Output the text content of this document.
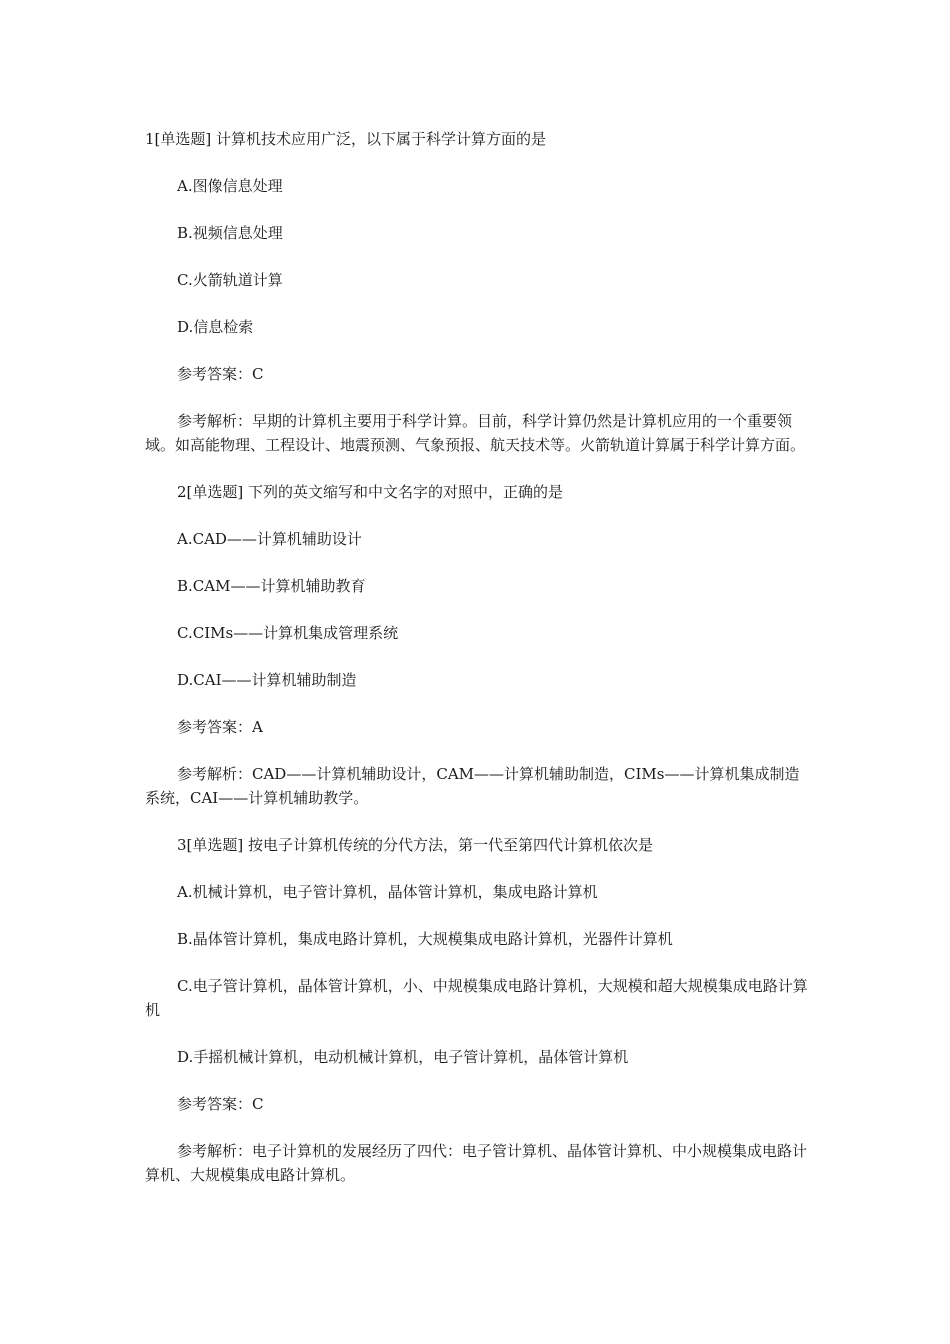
1[单选题] 计算机技术应用广泛，以下属于科学计算方面的是

A.图像信息处理

B.视频信息处理

C.火箭轨道计算

D.信息检索

参考答案：C

参考解析：早期的计算机主要用于科学计算。目前，科学计算仍然是计算机应用的一个重要领域。如高能物理、工程设计、地震预测、气象预报、航天技术等。火箭轨道计算属于科学计算方面。

2[单选题] 下列的英文缩写和中文名字的对照中，正确的是

A.CAD——计算机辅助设计

B.CAM——计算机辅助教育

C.CIMs——计算机集成管理系统

D.CAI——计算机辅助制造

参考答案：A

参考解析：CAD——计算机辅助设计，CAM——计算机辅助制造，CIMs——计算机集成制造系统，CAI——计算机辅助教学。

3[单选题] 按电子计算机传统的分代方法，第一代至第四代计算机依次是

A.机械计算机，电子管计算机，晶体管计算机，集成电路计算机

B.晶体管计算机，集成电路计算机，大规模集成电路计算机，光器件计算机

C.电子管计算机，晶体管计算机，小、中规模集成电路计算机，大规模和超大规模集成电路计算机

D.手摇机械计算机，电动机械计算机，电子管计算机，晶体管计算机

参考答案：C

参考解析：电子计算机的发展经历了四代：电子管计算机、晶体管计算机、中小规模集成电路计算机、大规模集成电路计算机。
